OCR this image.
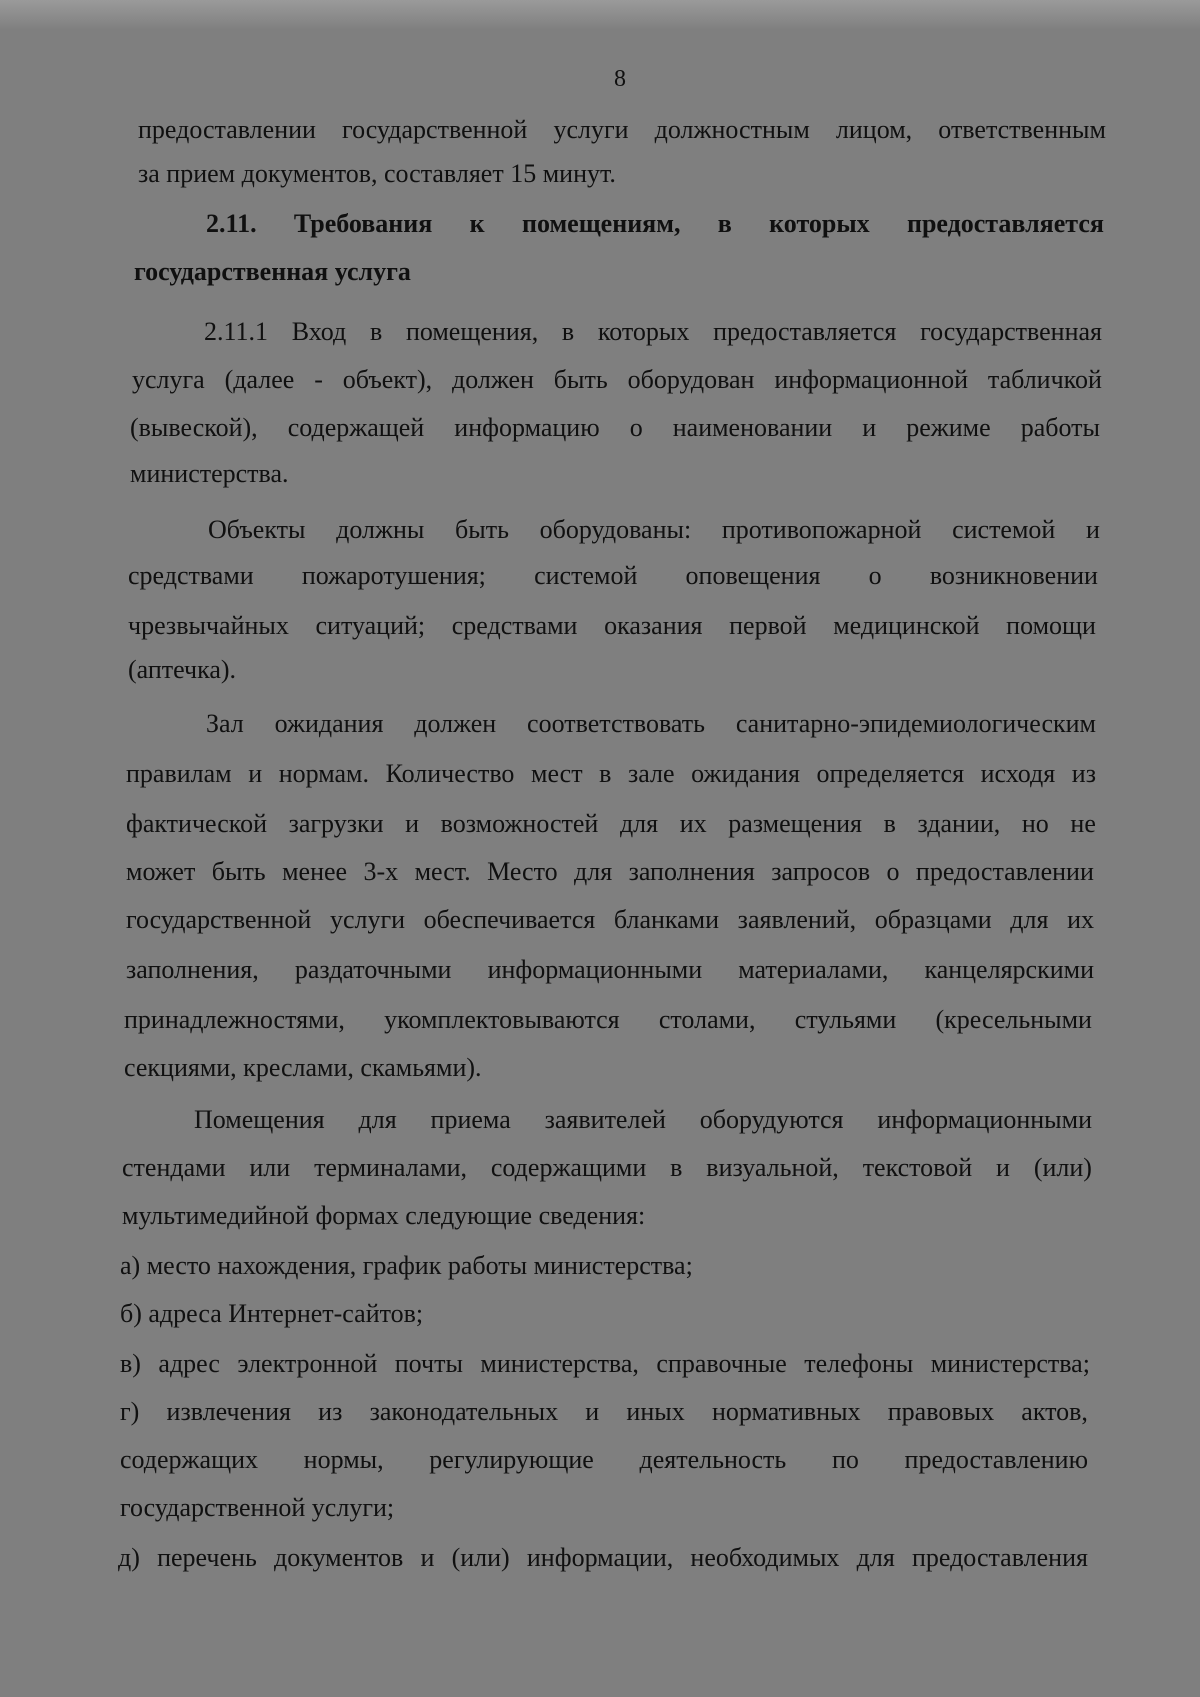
8
предоставлении государственной услуги должностным лицом, ответственным
за прием документов, составляет 15 минут.
2.11. Требования к помещениям, в которых предоставляется
государственная услуга
2.11.1 Вход в помещения, в которых предоставляется государственная
услуга (далее - объект), должен быть оборудован информационной табличкой
(вывеской), содержащей информацию о наименовании и режиме работы
министерства.
Объекты должны быть оборудованы: противопожарной системой и
средствами пожаротушения; системой оповещения о возникновении
чрезвычайных ситуаций; средствами оказания первой медицинской помощи
(аптечка).
Зал ожидания должен соответствовать санитарно-эпидемиологическим
правилам и нормам. Количество мест в зале ожидания определяется исходя из
фактической загрузки и возможностей для их размещения в здании, но не
может быть менее 3-х мест. Место для заполнения запросов о предоставлении
государственной услуги обеспечивается бланками заявлений, образцами для их
заполнения, раздаточными информационными материалами, канцелярскими
принадлежностями, укомплектовываются столами, стульями (кресельными
секциями, креслами, скамьями).
Помещения для приема заявителей оборудуются информационными
стендами или терминалами, содержащими в визуальной, текстовой и (или)
мультимедийной формах следующие сведения:
а) место нахождения, график работы министерства;
б) адреса Интернет-сайтов;
в) адрес электронной почты министерства, справочные телефоны министерства;
г) извлечения из законодательных и иных нормативных правовых актов,
содержащих нормы, регулирующие деятельность по предоставлению
государственной услуги;
д) перечень документов и (или) информации, необходимых для предоставления
